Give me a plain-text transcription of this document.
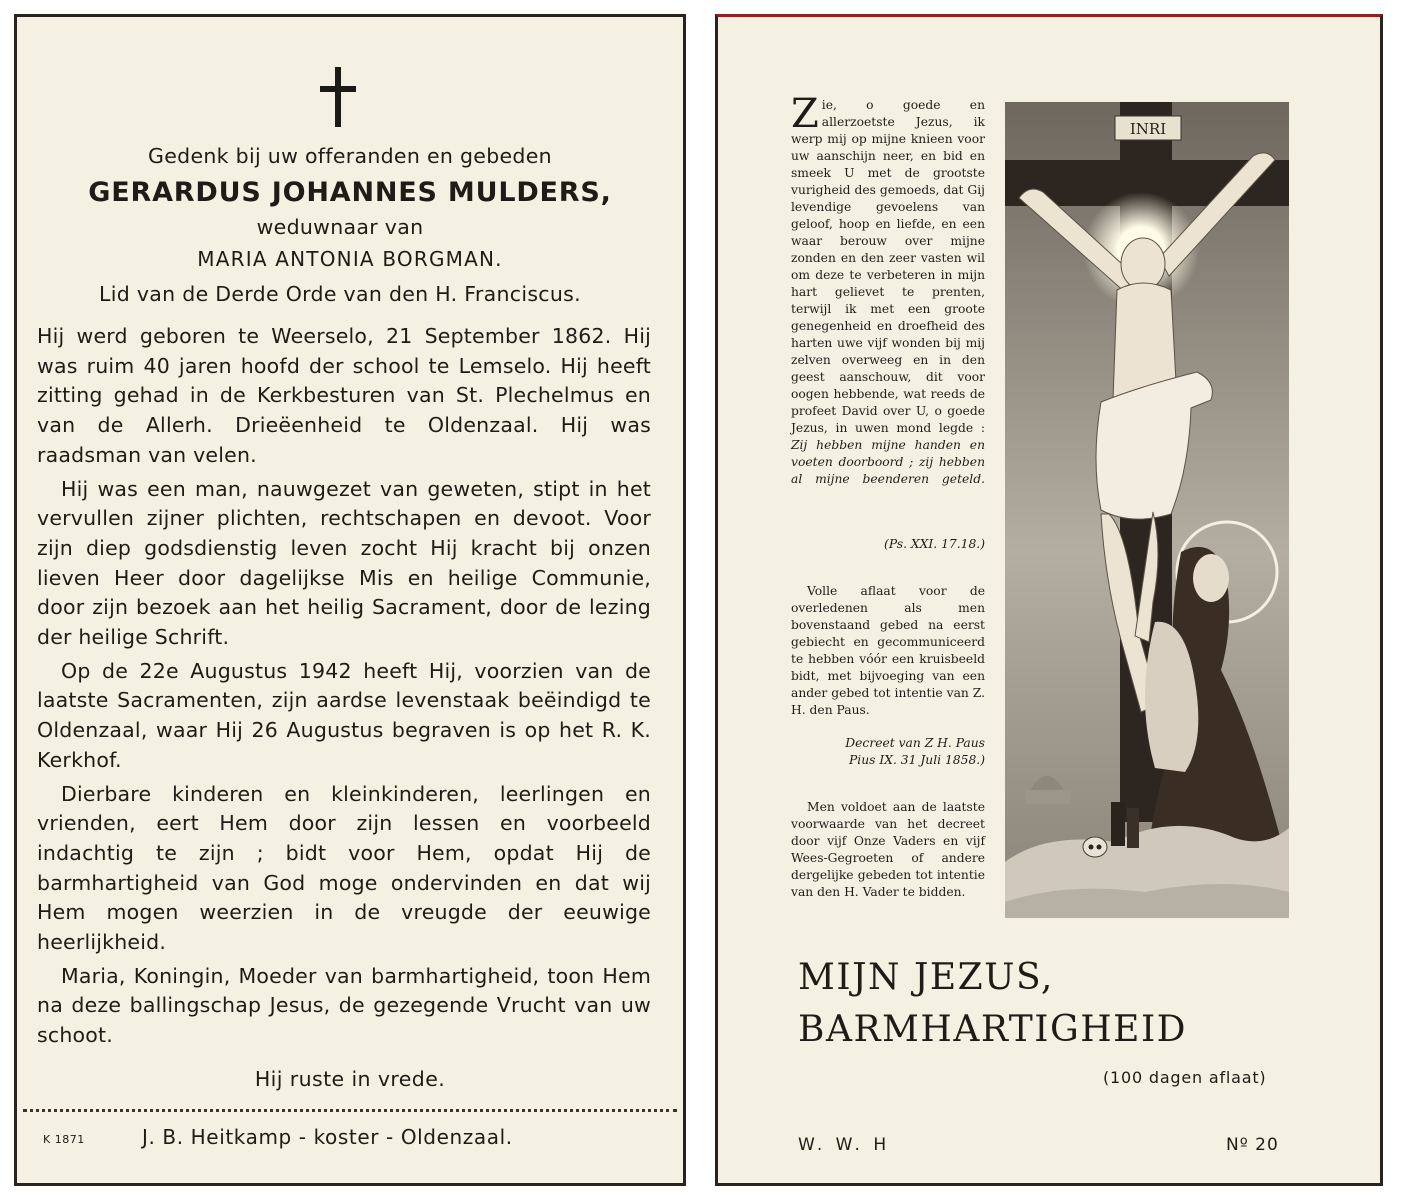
Gedenk bij uw offeranden en gebeden
GERARDUS JOHANNES MULDERS,
weduwnaar van
MARIA ANTONIA BORGMAN.
Lid van de Derde Orde van den H. Franciscus.

Hij werd geboren te Weerselo, 21 September 1862. Hij was ruim 40 jaren hoofd der school te Lemselo. Hij heeft zitting gehad in de Kerkbesturen van St. Plechelmus en van de Allerh. Drieëenheid te Oldenzaal. Hij was raadsman van velen.

Hij was een man, nauwgezet van geweten, stipt in het vervullen zijner plichten, rechtschapen en devoot. Voor zijn diep godsdienstig leven zocht Hij kracht bij onzen lieven Heer door dagelijkse Mis en heilige Communie, door zijn bezoek aan het heilig Sacrament, door de lezing der heilige Schrift.

Op de 22e Augustus 1942 heeft Hij, voorzien van de laatste Sacramenten, zijn aardse levenstaak beëindigd te Oldenzaal, waar Hij 26 Augustus begraven is op het R. K. Kerkhof.

Dierbare kinderen en kleinkinderen, leerlingen en vrienden, eert Hem door zijn lessen en voorbeeld indachtig te zijn ; bidt voor Hem, opdat Hij de barmhartigheid van God moge ondervinden en dat wij Hem mogen weerzien in de vreugde der eeuwige heerlijkheid.

Maria, Koningin, Moeder van barmhartigheid, toon Hem na deze ballingschap Jesus, de gezegende Vrucht van uw schoot.

Hij ruste in vrede.
K 1871	J. B. Heitkamp - koster - Oldenzaal.

Z ie, o goede en allerzoetste Jezus, ik werp mij op mijne knieen voor uw aanschijn neer, en bid en smeek U met de grootste vurigheid des gemoeds, dat Gij levendige gevoelens van geloof, hoop en liefde, en een waar berouw over mijne zonden en den zeer vasten wil om deze te verbeteren in mijn hart gelievet te prenten, terwijl ik met een groote genegenheid en droefheid des harten uwe vijf wonden bij mij zelven overweeg en in den geest aanschouw, dit voor oogen hebbende, wat reeds de profeet David over U, o goede Jezus, in uwen mond legde : Zij hebben mijne handen en voeten doorboord ; zij hebben al mijne beenderen geteld.

(Ps. XXI. 17.18.)

Volle aflaat voor de overledenen als men bovenstaand gebed na eerst gebiecht en gecommuniceerd te hebben vóór een kruisbeeld bidt, met bijvoeging van een ander gebed tot intentie van Z. H. den Paus.

Decreet van Z H. Paus
Pius IX. 31 Juli 1858.)

Men voldoet aan de laatste voorwaarde van het decreet door vijf Onze Vaders en vijf Wees-Gegroeten of andere dergelijke gebeden tot intentie van den H. Vader te bidden.

INRI
MIJN JEZUS,
BARMHARTIGHEID
(100 dagen aflaat)
W. W. H	Nº 20
